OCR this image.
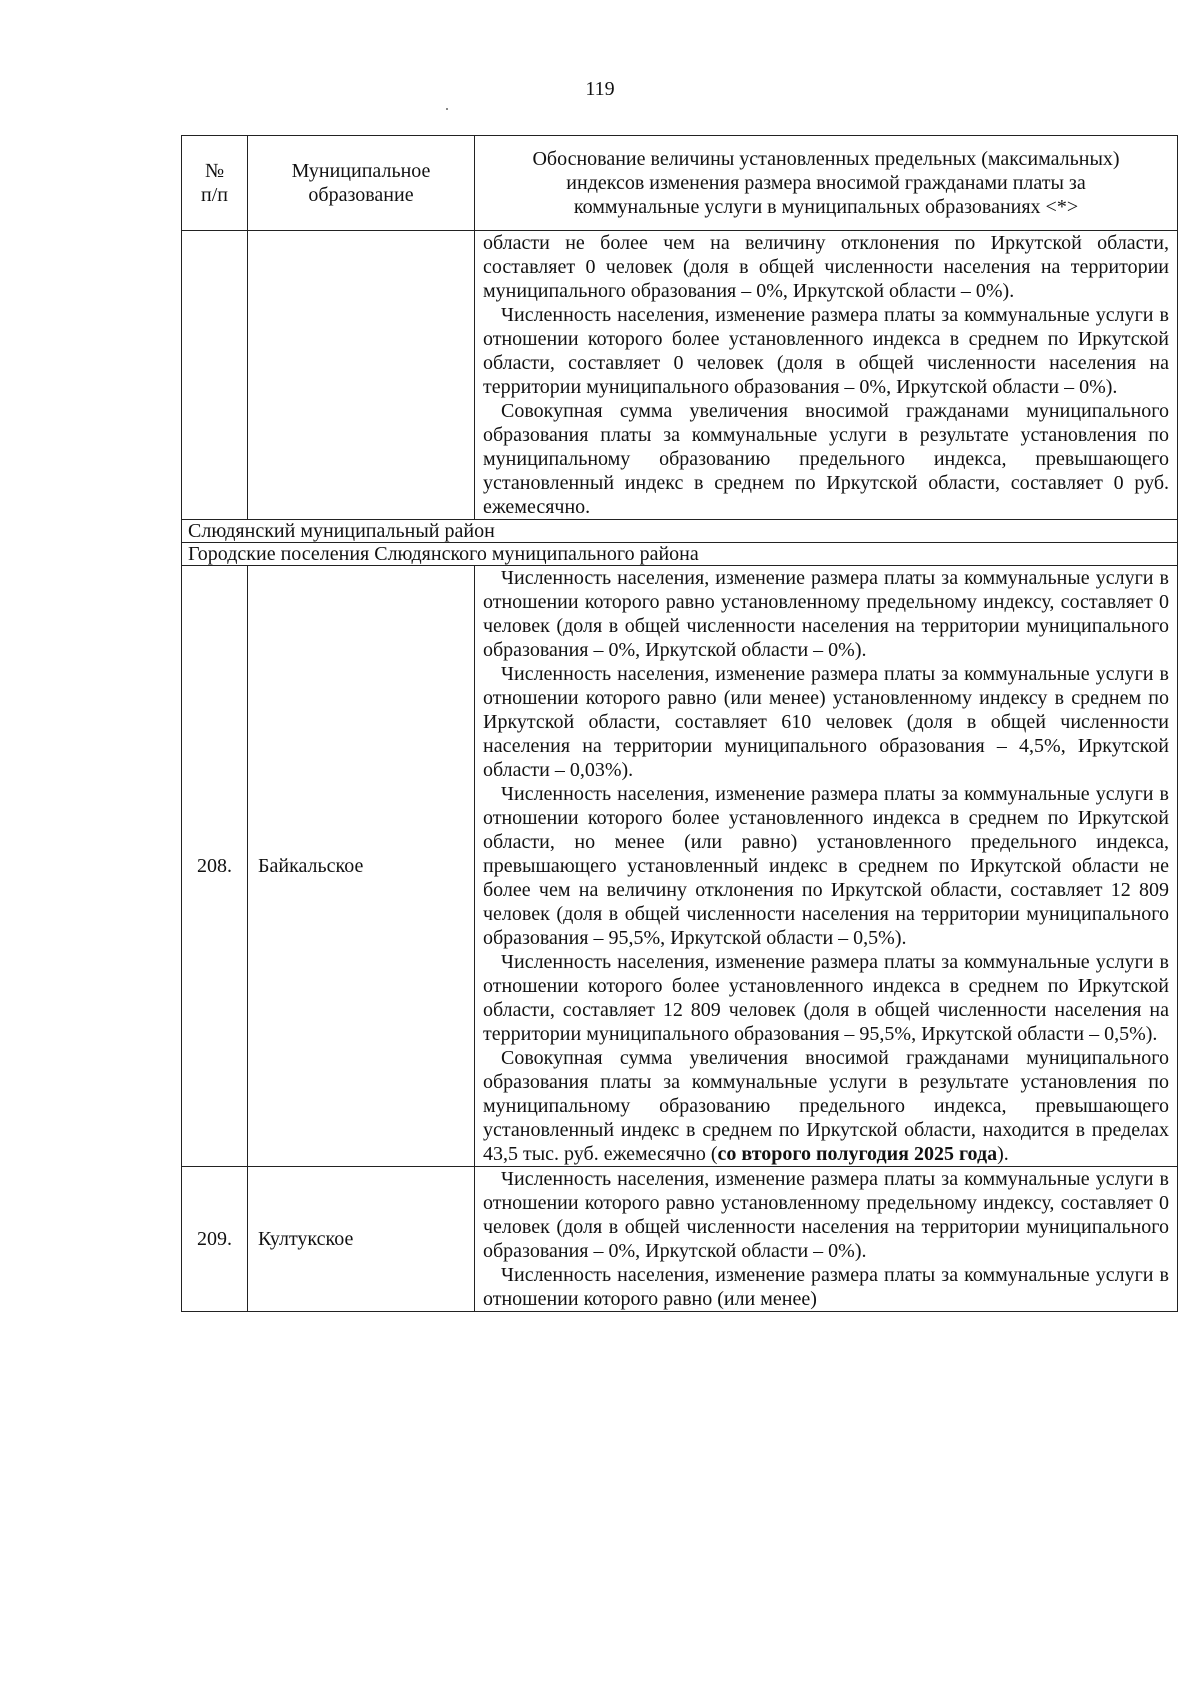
119
№ п/п	Муниципальное образование	Обоснование величины установленных предельных (максимальных) индексов изменения размера вносимой гражданами платы за коммунальные услуги в муниципальных образованиях <*>

		области не более чем на величину отклонения по Иркутской области, составляет 0 человек (доля в общей численности населения на территории муниципального образования – 0%, Иркутской области – 0%).

Численность населения, изменение размера платы за коммунальные услуги в отношении которого более установленного индекса в среднем по Иркутской области, составляет 0 человек (доля в общей численности населения на территории муниципального образования – 0%, Иркутской области – 0%).

Совокупная сумма увеличения вносимой гражданами муниципального образования платы за коммунальные услуги в результате установления по муниципальному образованию предельного индекса, превышающего установленный индекс в среднем по Иркутской области, составляет 0 руб. ежемесячно.

Слюдянский муниципальный район		
Городские поселения Слюдянского муниципального района		
208.	Байкальское	Численность населения, изменение размера платы за коммунальные услуги в отношении которого равно установленному предельному индексу, составляет 0 человек (доля в общей численности населения на территории муниципального образования – 0%, Иркутской области – 0%).

Численность населения, изменение размера платы за коммунальные услуги в отношении которого равно (или менее) установленному индексу в среднем по Иркутской области, составляет 610 человек (доля в общей численности населения на территории муниципального образования – 4,5%, Иркутской области – 0,03%).

Численность населения, изменение размера платы за коммунальные услуги в отношении которого более установленного индекса в среднем по Иркутской области, но менее (или равно) установленного предельного индекса, превышающего установленный индекс в среднем по Иркутской области не более чем на величину отклонения по Иркутской области, составляет 12 809 человек (доля в общей численности населения на территории муниципального образования – 95,5%, Иркутской области – 0,5%).

Численность населения, изменение размера платы за коммунальные услуги в отношении которого более установленного индекса в среднем по Иркутской области, составляет 12 809 человек (доля в общей численности населения на территории муниципального образования – 95,5%, Иркутской области – 0,5%).

Совокупная сумма увеличения вносимой гражданами муниципального образования платы за коммунальные услуги в результате установления по муниципальному образованию предельного индекса, превышающего установленный индекс в среднем по Иркутской области, находится в пределах 43,5 тыс. руб. ежемесячно (со второго полугодия 2025 года).

209.	Култукское	Численность населения, изменение размера платы за коммунальные услуги в отношении которого равно установленному предельному индексу, составляет 0 человек (доля в общей численности населения на территории муниципального образования – 0%, Иркутской области – 0%).

Численность населения, изменение размера платы за коммунальные услуги в отношении которого равно (или менее)
